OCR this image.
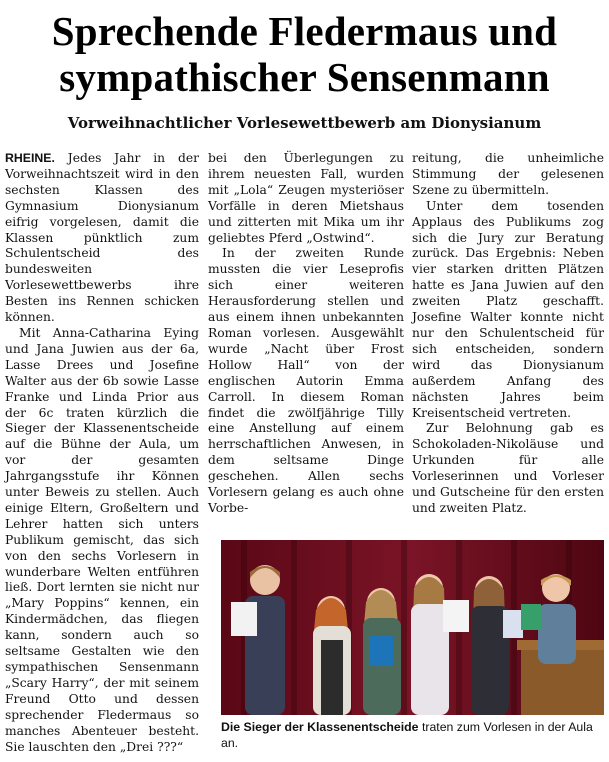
Sprechende Fledermaus und
sympathischer Sensenmann
Vorweihnachtlicher Vorlesewettbewerb am Dionysianum

RHEINE. Jedes Jahr in der Vorweihnachtszeit wird in den sechsten Klassen des Gymnasium Dionysianum eifrig vorgelesen, damit die Klassen pünktlich zum Schulentscheid des bundesweiten Vorlesewettbewerbs ihre Besten ins Rennen schicken können.

Mit Anna-Catharina Eying und Jana Juwien aus der 6a, Lasse Drees und Josefine Walter aus der 6b sowie Lasse Franke und Linda Prior aus der 6c traten kürzlich die Sieger der Klassenentscheide auf die Bühne der Aula, um vor der gesamten Jahrgangsstufe ihr Können unter Beweis zu stellen. Auch einige Eltern, Großeltern und Lehrer hatten sich unters Publikum gemischt, das sich von den sechs Vorlesern in wunderbare Welten entführen ließ. Dort lernten sie nicht nur „Mary Poppins“ kennen, ein Kindermädchen, das fliegen kann, sondern auch so seltsame Gestalten wie den sympathischen Sensenmann „Scary Harry“, der mit seinem Freund Otto und dessen sprechender Fledermaus so manches Abenteuer besteht. Sie lauschten den „Drei ???“

bei den Überlegungen zu ihrem neuesten Fall, wurden mit „Lola“ Zeugen mysteriöser Vorfälle in deren Mietshaus und zitterten mit Mika um ihr geliebtes Pferd „Ostwind“.

In der zweiten Runde mussten die vier Leseprofis sich einer weiteren Herausforderung stellen und aus einem ihnen unbekannten Roman vorlesen. Ausgewählt wurde „Nacht über Frost Hollow Hall“ von der englischen Autorin Emma Carroll. In diesem Roman findet die zwölfjährige Tilly eine Anstellung auf einem herrschaftlichen Anwesen, in dem seltsame Dinge geschehen. Allen sechs Vorlesern gelang es auch ohne Vorbe-

reitung, die unheimliche Stimmung der gelesenen Szene zu übermitteln.

Unter dem tosenden Applaus des Publikums zog sich die Jury zur Beratung zurück. Das Ergebnis: Neben vier starken dritten Plätzen hatte es Jana Juwien auf den zweiten Platz geschafft. Josefine Walter konnte nicht nur den Schulentscheid für sich entscheiden, sondern wird das Dionysianum außerdem Anfang des nächsten Jahres beim Kreisentscheid vertreten.

Zur Belohnung gab es Schokoladen-Nikoläuse und Urkunden für alle Vorleserinnen und Vorleser und Gutscheine für den ersten und zweiten Platz.

Die Sieger der Klassenentscheide traten zum Vorlesen in der Aula an.
